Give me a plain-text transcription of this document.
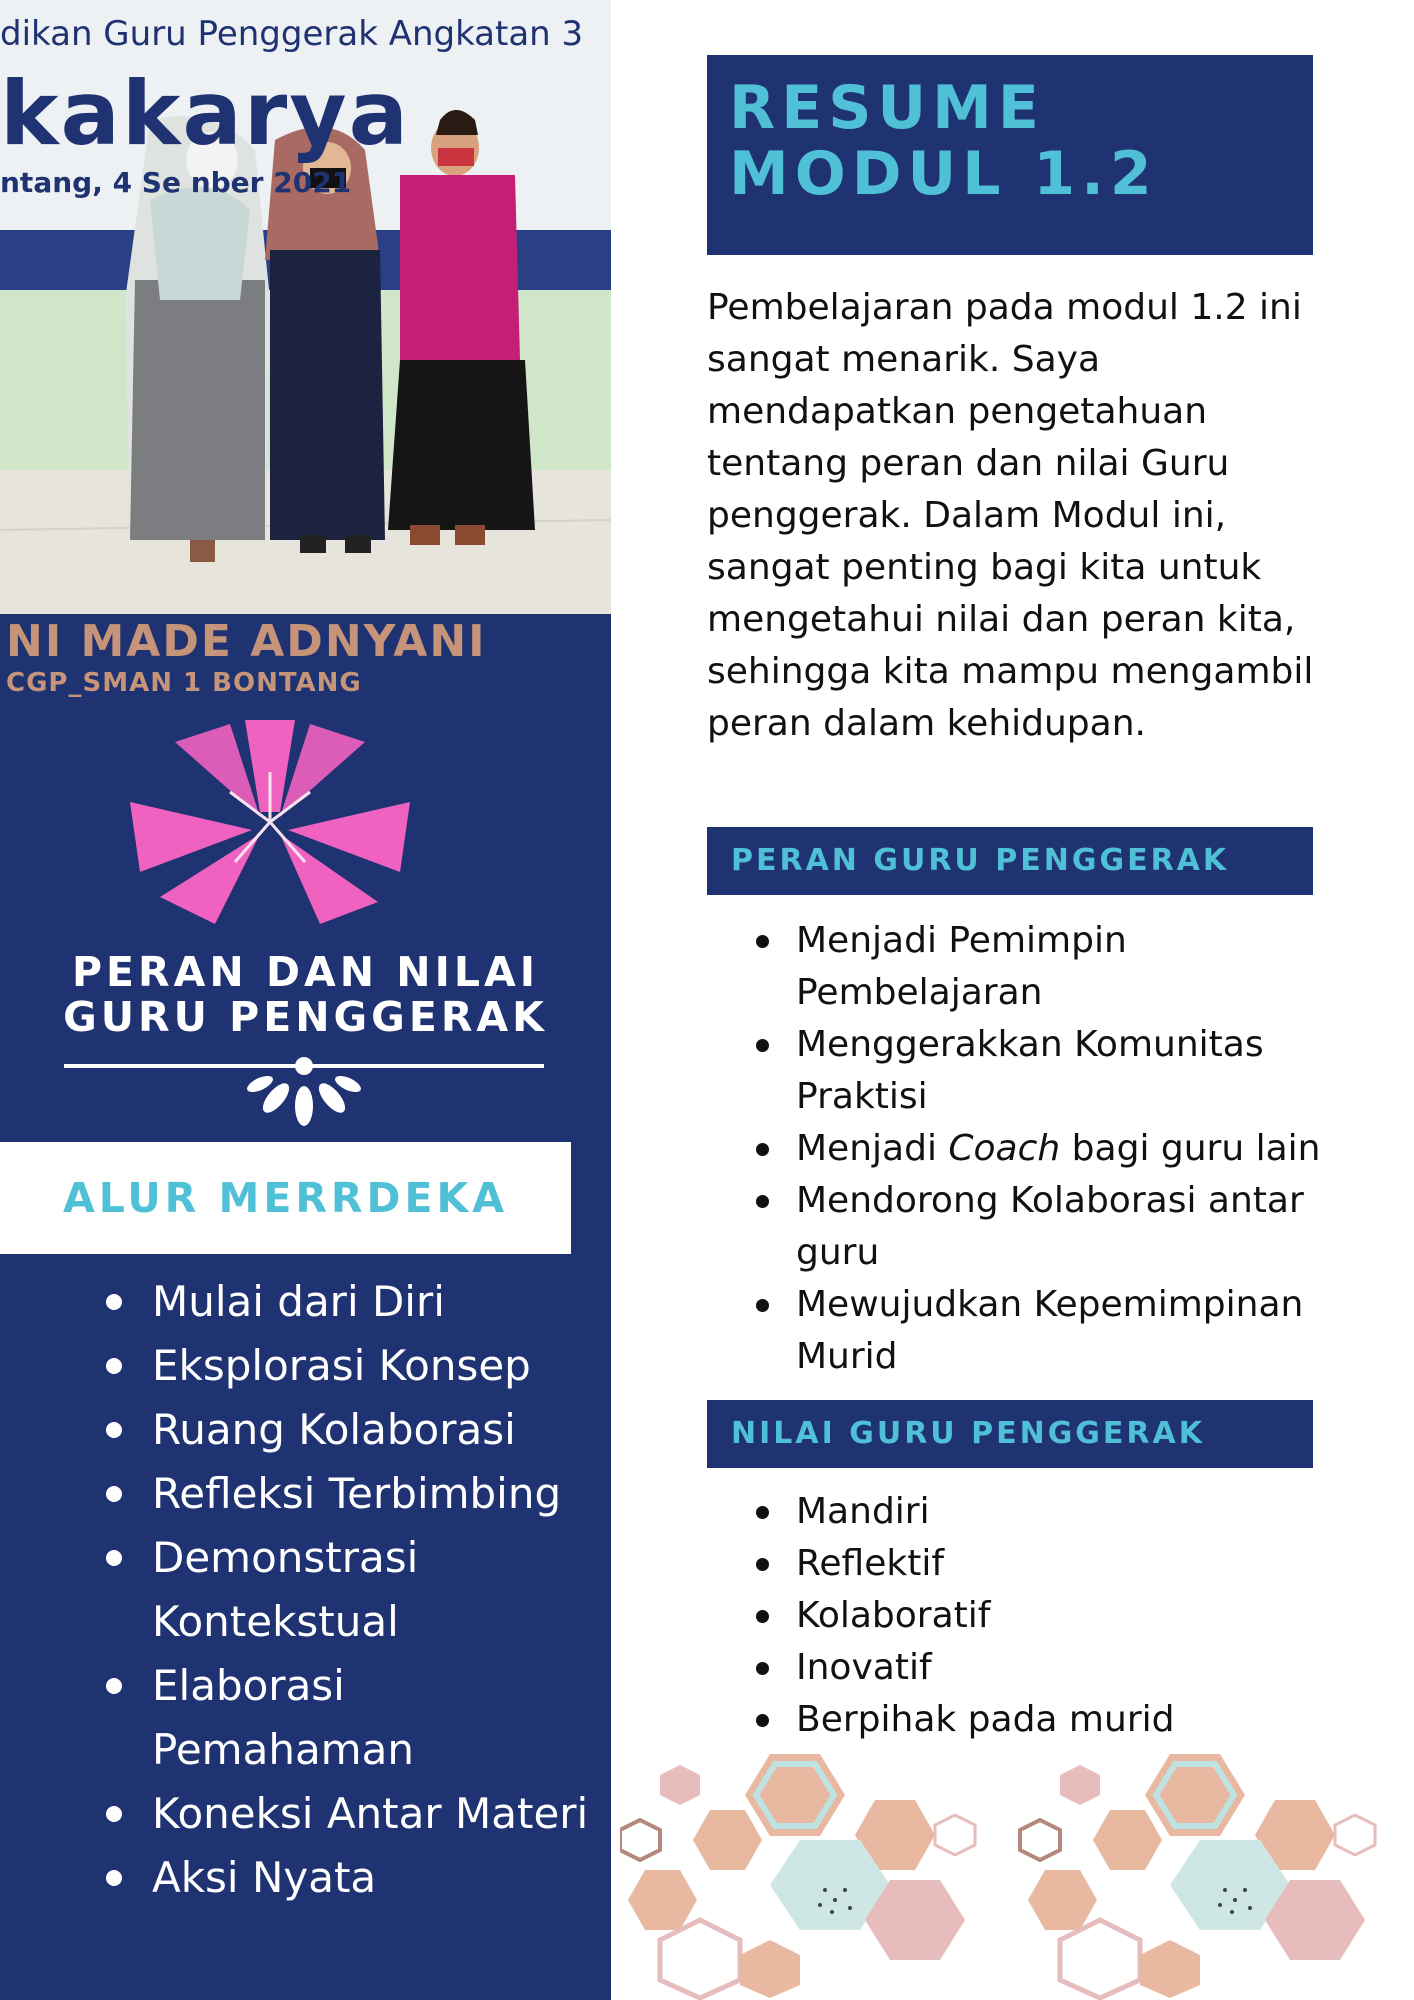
dikan Guru Penggerak Angkatan 3
kakarya
ntang, 4 Se nber 2021
NI MADE ADNYANI
CGP_SMAN 1 BONTANG
PERAN DAN NILAI
GURU PENGGERAK
ALUR MERRDEKA
Mulai dari Diri
Eksplorasi Konsep
Ruang Kolaborasi
Refleksi Terbimbing
Demonstrasi Kontekstual
Elaborasi Pemahaman
Koneksi Antar Materi
Aksi Nyata
RESUME
MODUL 1.2
Pembelajaran pada modul 1.2 ini sangat menarik. Saya mendapatkan pengetahuan tentang peran dan nilai Guru penggerak. Dalam Modul ini, sangat penting bagi kita untuk mengetahui nilai dan peran kita, sehingga kita mampu mengambil peran dalam kehidupan.
PERAN GURU PENGGERAK
Menjadi Pemimpin Pembelajaran
Menggerakkan Komunitas Praktisi
Menjadi Coach bagi guru lain
Mendorong Kolaborasi antar guru
Mewujudkan Kepemimpinan Murid
NILAI GURU PENGGERAK
Mandiri
Reflektif
Kolaboratif
Inovatif
Berpihak pada murid
